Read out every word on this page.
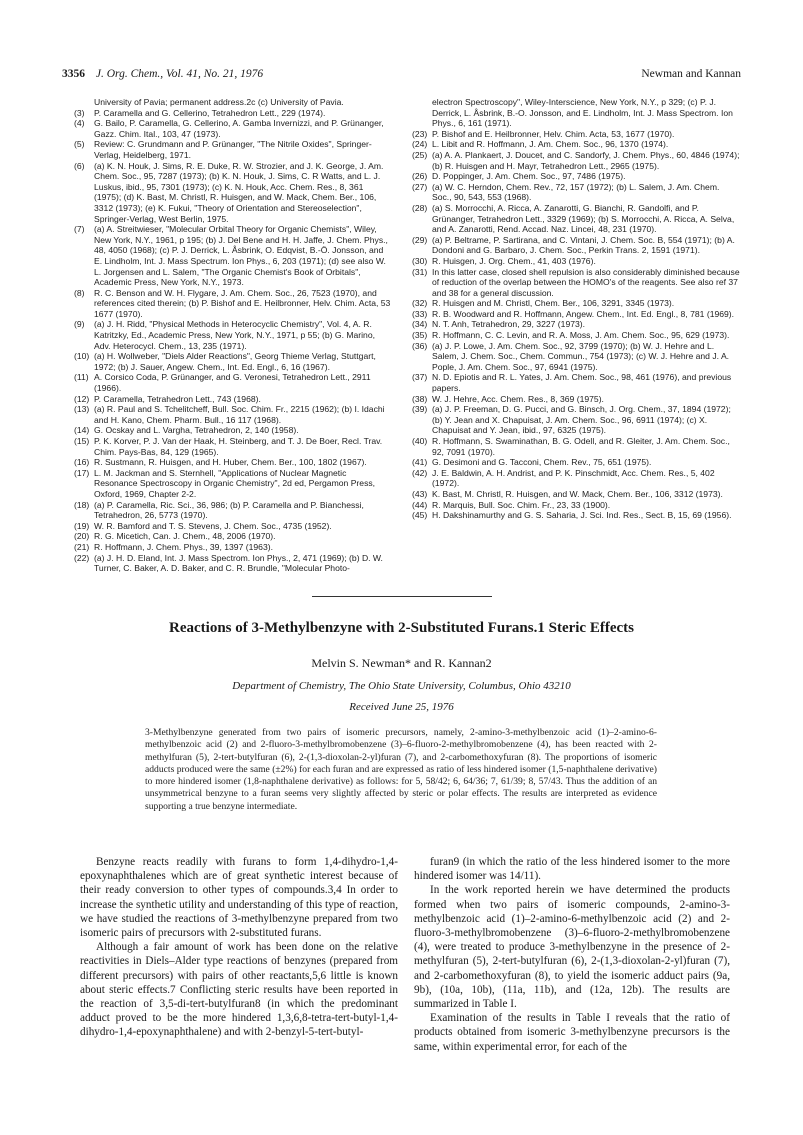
3356 J. Org. Chem., Vol. 41, No. 21, 1976	Newman and Kannan
University of Pavia; permanent address.2c (c) University of Pavia.
(3)	P. Caramella and G. Cellerino, Tetrahedron Lett., 229 (1974).
(4)	G. Bailo, P. Caramella, G. Cellerino, A. Gamba Invernizzi, and P. Grünanger, Gazz. Chim. Ital., 103, 47 (1973).
(5)	Review: C. Grundmann and P. Grünanger, "The Nitrile Oxides", Springer-Verlag, Heidelberg, 1971.
(6)	(a) K. N. Houk, J. Sims, R. E. Duke, R. W. Strozier, and J. K. George, J. Am. Chem. Soc., 95, 7287 (1973); (b) K. N. Houk, J. Sims, C. R Watts, and L. J. Luskus, ibid., 95, 7301 (1973); (c) K. N. Houk, Acc. Chem. Res., 8, 361 (1975); (d) K. Bast, M. Christl, R. Huisgen, and W. Mack, Chem. Ber., 106, 3312 (1973); (e) K. Fukui, "Theory of Orientation and Stereoselection", Springer-Verlag, West Berlin, 1975.
(7)	(a) A. Streitwieser, "Molecular Orbital Theory for Organic Chemists", Wiley, New York, N.Y., 1961, p 195; (b) J. Del Bene and H. H. Jaffe, J. Chem. Phys., 48, 4050 (1968); (c) P. J. Derrick, L. Åsbrink, O. Edqvist, B.-Ö. Jonsson, and E. Lindholm, Int. J. Mass Spectrum. Ion Phys., 6, 203 (1971); (d) see also W. L. Jorgensen and L. Salem, "The Organic Chemist's Book of Orbitals", Academic Press, New York, N.Y., 1973.
(8)	R. C. Benson and W. H. Flygare, J. Am. Chem. Soc., 26, 7523 (1970), and references cited therein; (b) P. Bishof and E. Heilbronner, Helv. Chim. Acta, 53 1677 (1970).
(9)	(a) J. H. Ridd, "Physical Methods in Heterocyclic Chemistry", Vol. 4, A. R. Katritzky, Ed., Academic Press, New York, N.Y., 1971, p 55; (b) G. Marino, Adv. Heterocycl. Chem., 13, 235 (1971).
(10) (a) H. Wollweber, "Diels Alder Reactions", Georg Thieme Verlag, Stuttgart, 1972; (b) J. Sauer, Angew. Chem., Int. Ed. Engl., 6, 16 (1967).
(11) A. Corsico Coda, P. Grünanger, and G. Veronesi, Tetrahedron Lett., 2911 (1966).
(12) P. Caramella, Tetrahedron Lett., 743 (1968).
(13) (a) R. Paul and S. Tchelitcheff, Bull. Soc. Chim. Fr., 2215 (1962); (b) I. Idachi and H. Kano, Chem. Pharm. Bull., 16 117 (1968).
(14) G. Ocskay and L. Vargha, Tetrahedron, 2, 140 (1958).
(15) P. K. Korver, P. J. Van der Haak, H. Steinberg, and T. J. De Boer, Recl. Trav. Chim. Pays-Bas, 84, 129 (1965).
(16) R. Sustmann, R. Huisgen, and H. Huber, Chem. Ber., 100, 1802 (1967).
(17) L. M. Jackman and S. Sternhell, "Applications of Nuclear Magnetic Resonance Spectroscopy in Organic Chemistry", 2d ed, Pergamon Press, Oxford, 1969, Chapter 2-2.
(18) (a) P. Caramella, Ric. Sci., 36, 986; (b) P. Caramella and P. Bianchessi, Tetrahedron, 26, 5773 (1970).
(19) W. R. Bamford and T. S. Stevens, J. Chem. Soc., 4735 (1952).
(20) R. G. Micetich, Can. J. Chem., 48, 2006 (1970).
(21) R. Hoffmann, J. Chem. Phys., 39, 1397 (1963).
(22) (a) J. H. D. Eland, Int. J. Mass Spectrom. Ion Phys., 2, 471 (1969); (b) D. W. Turner, C. Baker, A. D. Baker, and C. R. Brundle, "Molecular Photo-
electron Spectroscopy", Wiley-Interscience, New York, N.Y., p 329; (c) P. J. Derrick, L. Åsbrink, B.-O. Jonsson, and E. Lindholm, Int. J. Mass Spectrom. Ion Phys., 6, 161 (1971).
(23) P. Bishof and E. Heilbronner, Helv. Chim. Acta, 53, 1677 (1970).
(24) L. Libit and R. Hoffmann, J. Am. Chem. Soc., 96, 1370 (1974).
(25) (a) A. A. Plankaert, J. Doucet, and C. Sandorfy, J. Chem. Phys., 60, 4846 (1974); (b) R. Huisgen and H. Mayr, Tetrahedron Lett., 2965 (1975).
(26) D. Poppinger, J. Am. Chem. Soc., 97, 7486 (1975).
(27) (a) W. C. Herndon, Chem. Rev., 72, 157 (1972); (b) L. Salem, J. Am. Chem. Soc., 90, 543, 553 (1968).
(28) (a) S. Morrocchi, A. Ricca, A. Zanarotti, G. Bianchi, R. Gandolfi, and P. Grünanger, Tetrahedron Lett., 3329 (1969); (b) S. Morrocchi, A. Ricca, A. Selva, and A. Zanarotti, Rend. Accad. Naz. Lincei, 48, 231 (1970).
(29) (a) P. Beltrame, P. Sartirana, and C. Vintani, J. Chem. Soc. B, 554 (1971); (b) A. Dondoni and G. Barbaro, J. Chem. Soc., Perkin Trans. 2, 1591 (1971).
(30) R. Huisgen, J. Org. Chem., 41, 403 (1976).
(31) In this latter case, closed shell repulsion is also considerably diminished because of reduction of the overlap between the HOMO's of the reagents. See also ref 37 and 38 for a general discussion.
(32) R. Huisgen and M. Christl, Chem. Ber., 106, 3291, 3345 (1973).
(33) R. B. Woodward and R. Hoffmann, Angew. Chem., Int. Ed. Engl., 8, 781 (1969).
(34) N. T. Anh, Tetrahedron, 29, 3227 (1973).
(35) R. Hoffmann, C. C. Levin, and R. A. Moss, J. Am. Chem. Soc., 95, 629 (1973).
(36) (a) J. P. Lowe, J. Am. Chem. Soc., 92, 3799 (1970); (b) W. J. Hehre and L. Salem, J. Chem. Soc., Chem. Commun., 754 (1973); (c) W. J. Hehre and J. A. Pople, J. Am. Chem. Soc., 97, 6941 (1975).
(37) N. D. Epiotis and R. L. Yates, J. Am. Chem. Soc., 98, 461 (1976), and previous papers.
(38) W. J. Hehre, Acc. Chem. Res., 8, 369 (1975).
(39) (a) J. P. Freeman, D. G. Pucci, and G. Binsch, J. Org. Chem., 37, 1894 (1972); (b) Y. Jean and X. Chapuisat, J. Am. Chem. Soc., 96, 6911 (1974); (c) X. Chapuisat and Y. Jean, ibid., 97, 6325 (1975).
(40) R. Hoffmann, S. Swaminathan, B. G. Odell, and R. Gleiter, J. Am. Chem. Soc., 92, 7091 (1970).
(41) G. Desimoni and G. Tacconi, Chem. Rev., 75, 651 (1975).
(42) J. E. Baldwin, A. H. Andrist, and P. K. Pinschmidt, Acc. Chem. Res., 5, 402 (1972).
(43) K. Bast, M. Christl, R. Huisgen, and W. Mack, Chem. Ber., 106, 3312 (1973).
(44) R. Marquis, Bull. Soc. Chim. Fr., 23, 33 (1900).
(45) H. Dakshinamurthy and G. S. Saharia, J. Sci. Ind. Res., Sect. B, 15, 69 (1956).
Reactions of 3-Methylbenzyne with 2-Substituted Furans.1 Steric Effects
Melvin S. Newman* and R. Kannan2
Department of Chemistry, The Ohio State University, Columbus, Ohio 43210
Received June 25, 1976
3-Methylbenzyne generated from two pairs of isomeric precursors, namely, 2-amino-3-methylbenzoic acid (1)–2-amino-6-methylbenzoic acid (2) and 2-fluoro-3-methylbromobenzene (3)–6-fluoro-2-methylbromobenzene (4), has been reacted with 2-methylfuran (5), 2-tert-butylfuran (6), 2-(1,3-dioxolan-2-yl)furan (7), and 2-carbomethoxyfuran (8). The proportions of isomeric adducts produced were the same (±2%) for each furan and are expressed as ratio of less hindered isomer (1,5-naphthalene derivative) to more hindered isomer (1,8-naphthalene derivative) as follows: for 5, 58/42; 6, 64/36; 7, 61/39; 8, 57/43. Thus the addition of an unsymmetrical benzyne to a furan seems very slightly affected by steric or polar effects. The results are interpreted as evidence supporting a true benzyne intermediate.

Benzyne reacts readily with furans to form 1,4-dihydro-1,4-epoxynaphthalenes which are of great synthetic interest because of their ready conversion to other types of compounds.3,4 In order to increase the synthetic utility and understanding of this type of reaction, we have studied the reactions of 3-methylbenzyne prepared from two isomeric pairs of precursors with 2-substituted furans.

Although a fair amount of work has been done on the relative reactivities in Diels–Alder type reactions of benzynes (prepared from different precursors) with pairs of other reactants,5,6 little is known about steric effects.7 Conflicting steric results have been reported in the reaction of 3,5-di-tert-butylfuran8 (in which the predominant adduct proved to be the more hindered 1,3,6,8-tetra-tert-butyl-1,4-dihydro-1,4-epoxynaphthalene) and with 2-benzyl-5-tert-butyl-

furan9 (in which the ratio of the less hindered isomer to the more hindered isomer was 14/11).

In the work reported herein we have determined the products formed when two pairs of isomeric compounds, 2-amino-3-methylbenzoic acid (1)–2-amino-6-methylbenzoic acid (2) and 2-fluoro-3-methylbromobenzene (3)–6-fluoro-2-methylbromobenzene (4), were treated to produce 3-methylbenzyne in the presence of 2-methylfuran (5), 2-tert-butylfuran (6), 2-(1,3-dioxolan-2-yl)furan (7), and 2-carbomethoxyfuran (8), to yield the isomeric adduct pairs (9a, 9b), (10a, 10b), (11a, 11b), and (12a, 12b). The results are summarized in Table I.

Examination of the results in Table I reveals that the ratio of products obtained from isomeric 3-methylbenzyne precursors is the same, within experimental error, for each of the
